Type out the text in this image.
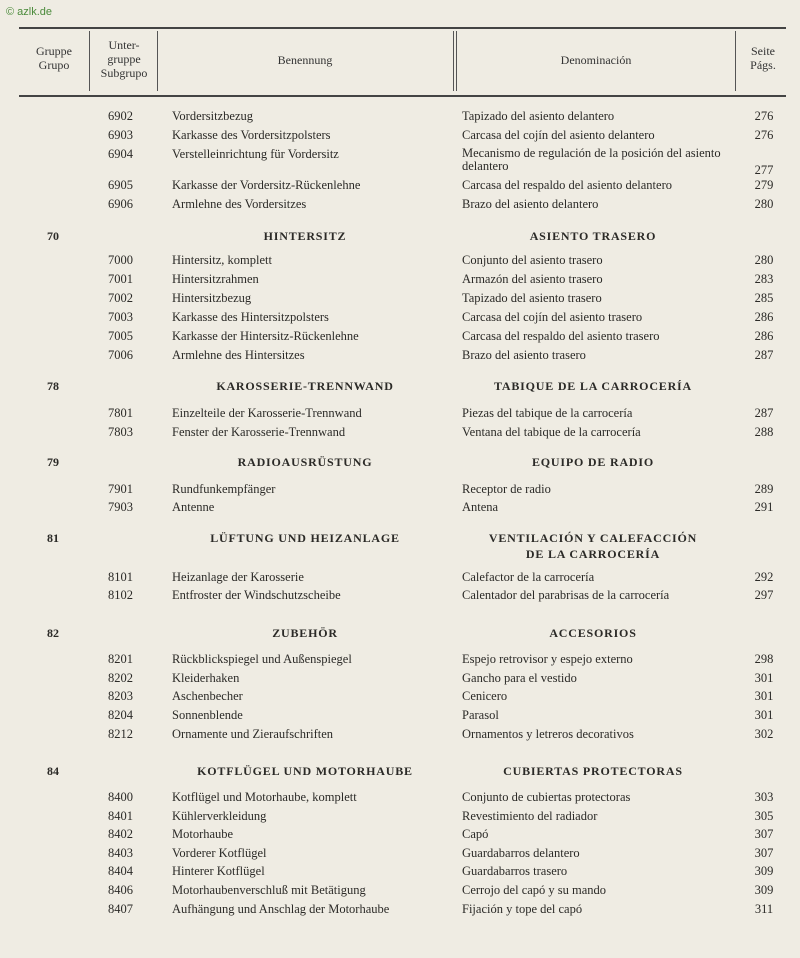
© azlk.de
Gruppe
Grupo
Unter-
gruppe
Subgrupo
Benennung	Denominación
Seite
Págs.
6902	Vordersitzbezug	Tapizado del asiento delantero	276
6903	Karkasse des Vordersitzpolsters	Carcasa del cojín del asiento delantero	276
6904	Verstelleinrichtung für Vordersitz	Mecanismo de regulación de la posición del asiento delantero	277
6905	Karkasse der Vordersitz-Rückenlehne	Carcasa del respaldo del asiento delantero	279
6906	Armlehne des Vordersitzes	Brazo del asiento delantero	280
70	HINTERSITZ	ASIENTO TRASERO
7000	Hintersitz, komplett	Conjunto del asiento trasero	280
7001	Hintersitzrahmen	Armazón del asiento trasero	283
7002	Hintersitzbezug	Tapizado del asiento trasero	285
7003	Karkasse des Hintersitzpolsters	Carcasa del cojín del asiento trasero	286
7005	Karkasse der Hintersitz-Rückenlehne	Carcasa del respaldo del asiento trasero	286
7006	Armlehne des Hintersitzes	Brazo del asiento trasero	287
78	KAROSSERIE-TRENNWAND	TABIQUE DE LA CARROCERÍA
7801	Einzelteile der Karosserie-Trennwand	Piezas del tabique de la carrocería	287
7803	Fenster der Karosserie-Trennwand	Ventana del tabique de la carrocería	288
79	RADIOAUSRÜSTUNG	EQUIPO DE RADIO
7901	Rundfunkempfänger	Receptor de radio	289
7903	Antenne	Antena	291
81	LÜFTUNG UND HEIZANLAGE	VENTILACIÓN Y CALEFACCIÓN
DE LA CARROCERÍA
8101	Heizanlage der Karosserie	Calefactor de la carrocería	292
8102	Entfroster der Windschutzscheibe	Calentador del parabrisas de la carrocería	297
82	ZUBEHÖR	ACCESORIOS
8201	Rückblickspiegel und Außenspiegel	Espejo retrovisor y espejo externo	298
8202	Kleiderhaken	Gancho para el vestido	301
8203	Aschenbecher	Cenicero	301
8204	Sonnenblende	Parasol	301
8212	Ornamente und Zieraufschriften	Ornamentos y letreros decorativos	302
84	KOTFLÜGEL UND MOTORHAUBE	CUBIERTAS PROTECTORAS
8400	Kotflügel und Motorhaube, komplett	Conjunto de cubiertas protectoras	303
8401	Kühlerverkleidung	Revestimiento del radiador	305
8402	Motorhaube	Capó	307
8403	Vorderer Kotflügel	Guardabarros delantero	307
8404	Hinterer Kotflügel	Guardabarros trasero	309
8406	Motorhaubenverschluß mit Betätigung	Cerrojo del capó y su mando	309
8407	Aufhängung und Anschlag der Motorhaube	Fijación y tope del capó	311
